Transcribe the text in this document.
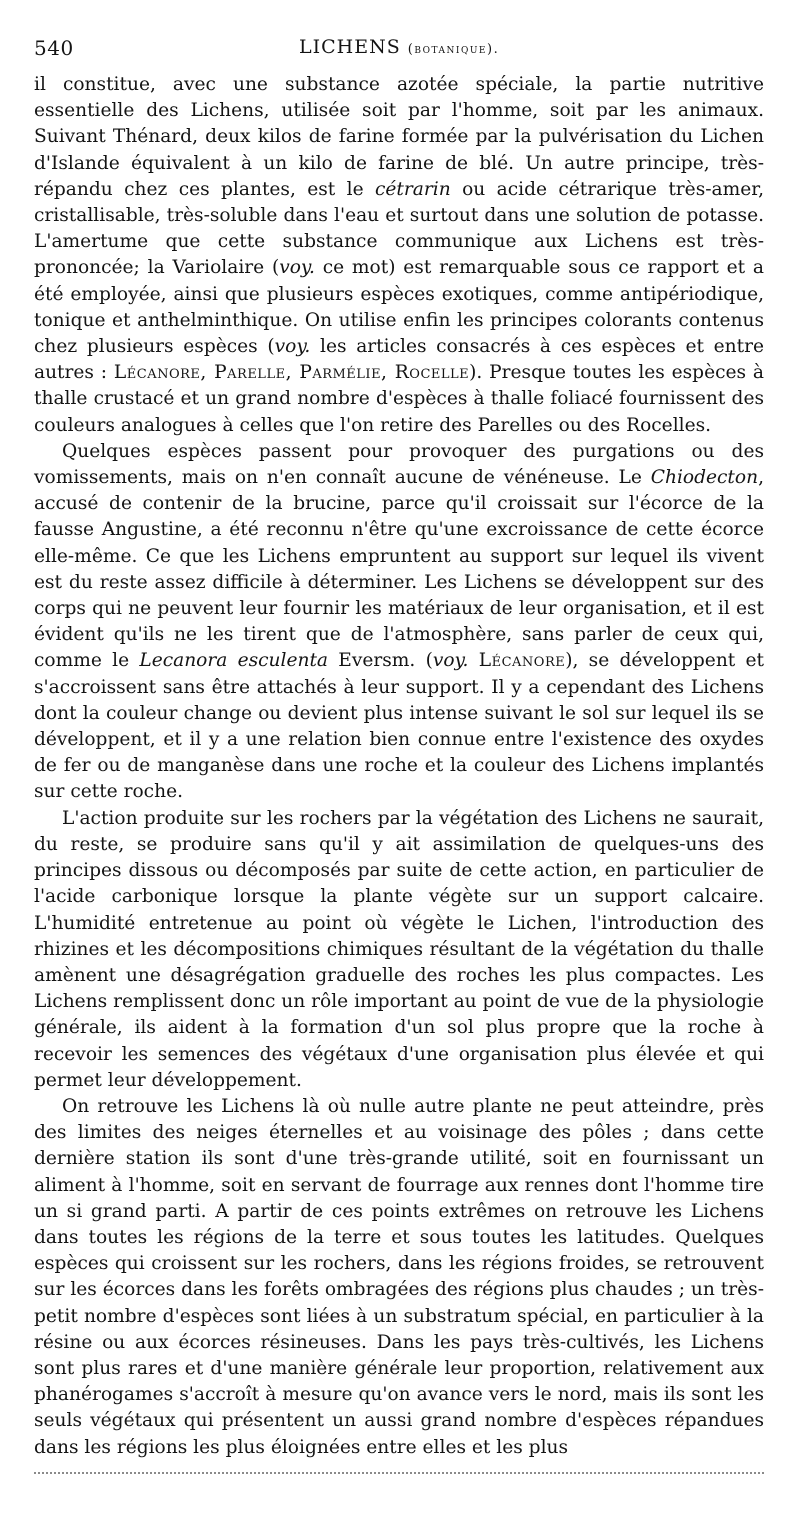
540	LICHENS (botanique).

il constitue, avec une substance azotée spéciale, la partie nutritive essentielle des Lichens, utilisée soit par l'homme, soit par les animaux. Suivant Thénard, deux kilos de farine formée par la pulvérisation du Lichen d'Islande équivalent à un kilo de farine de blé. Un autre principe, très-répandu chez ces plantes, est le cétrarin ou acide cétrarique très-amer, cristallisable, très-soluble dans l'eau et surtout dans une solution de potasse. L'amertume que cette substance communique aux Lichens est très-prononcée; la Variolaire (voy. ce mot) est remarquable sous ce rapport et a été employée, ainsi que plusieurs espèces exotiques, comme antipériodique, tonique et anthelminthique. On utilise enfin les principes colorants contenus chez plusieurs espèces (voy. les articles consacrés à ces espèces et entre autres : Lécanore, Parelle, Parmélie, Rocelle). Presque toutes les espèces à thalle crustacé et un grand nombre d'espèces à thalle foliacé fournissent des couleurs analogues à celles que l'on retire des Parelles ou des Rocelles.

Quelques espèces passent pour provoquer des purgations ou des vomissements, mais on n'en connaît aucune de vénéneuse. Le Chiodecton, accusé de contenir de la brucine, parce qu'il croissait sur l'écorce de la fausse Angustine, a été reconnu n'être qu'une excroissance de cette écorce elle-même. Ce que les Lichens empruntent au support sur lequel ils vivent est du reste assez difficile à déterminer. Les Lichens se développent sur des corps qui ne peuvent leur fournir les matériaux de leur organisation, et il est évident qu'ils ne les tirent que de l'atmosphère, sans parler de ceux qui, comme le Lecanora esculenta Eversm. (voy. Lécanore), se développent et s'accroissent sans être attachés à leur support. Il y a cependant des Lichens dont la couleur change ou devient plus intense suivant le sol sur lequel ils se développent, et il y a une relation bien connue entre l'existence des oxydes de fer ou de manganèse dans une roche et la couleur des Lichens implantés sur cette roche.

L'action produite sur les rochers par la végétation des Lichens ne saurait, du reste, se produire sans qu'il y ait assimilation de quelques-uns des principes dissous ou décomposés par suite de cette action, en particulier de l'acide carbonique lorsque la plante végète sur un support calcaire. L'humidité entretenue au point où végète le Lichen, l'introduction des rhizines et les décompositions chimiques résultant de la végétation du thalle amènent une désagrégation graduelle des roches les plus compactes. Les Lichens remplissent donc un rôle important au point de vue de la physiologie générale, ils aident à la formation d'un sol plus propre que la roche à recevoir les semences des végétaux d'une organisation plus élevée et qui permet leur développement.

On retrouve les Lichens là où nulle autre plante ne peut atteindre, près des limites des neiges éternelles et au voisinage des pôles ; dans cette dernière station ils sont d'une très-grande utilité, soit en fournissant un aliment à l'homme, soit en servant de fourrage aux rennes dont l'homme tire un si grand parti. A partir de ces points extrêmes on retrouve les Lichens dans toutes les régions de la terre et sous toutes les latitudes. Quelques espèces qui croissent sur les rochers, dans les régions froides, se retrouvent sur les écorces dans les forêts ombragées des régions plus chaudes ; un très-petit nombre d'espèces sont liées à un substratum spécial, en particulier à la résine ou aux écorces résineuses. Dans les pays très-cultivés, les Lichens sont plus rares et d'une manière générale leur proportion, relativement aux phanérogames s'accroît à mesure qu'on avance vers le nord, mais ils sont les seuls végétaux qui présentent un aussi grand nombre d'espèces répandues dans les régions les plus éloignées entre elles et les plus
